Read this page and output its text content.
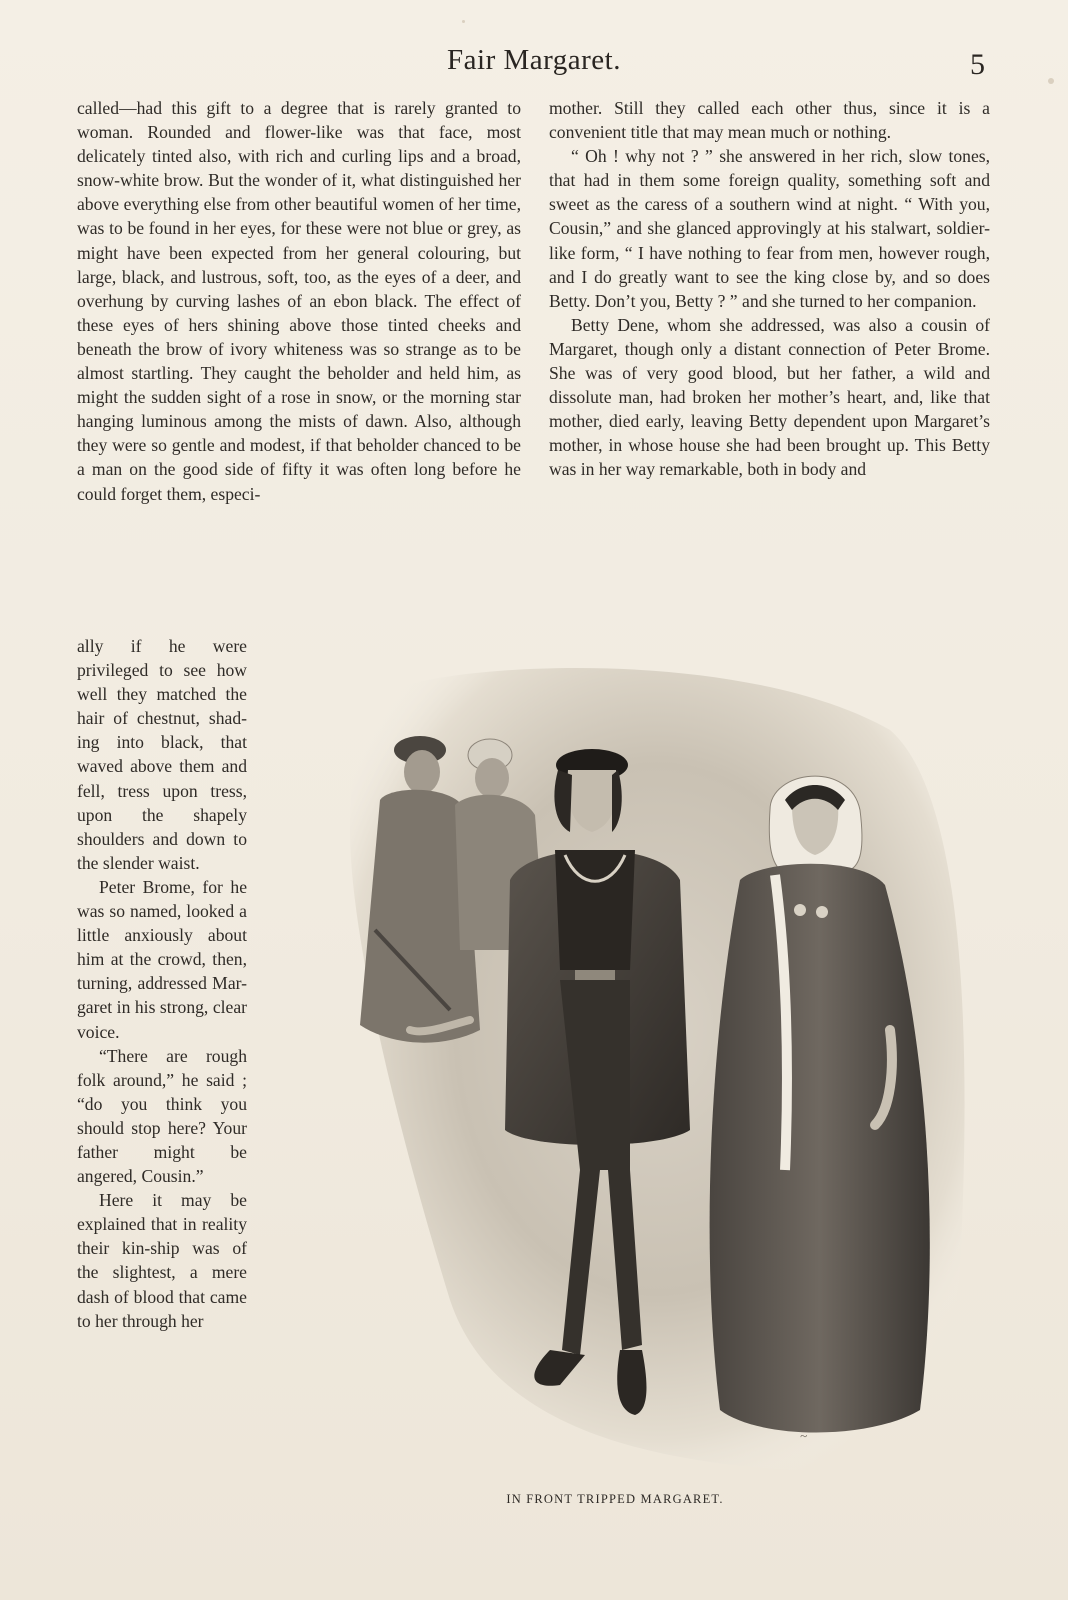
Fair Margaret.	5

called—had this gift to a degree that is rarely granted to woman. Rounded and flower-like was that face, most delicately tinted also, with rich and curling lips and a broad, snow-white brow. But the wonder of it, what distinguished her above everything else from other beautiful women of her time, was to be found in her eyes, for these were not blue or grey, as might have been expected from her general colouring, but large, black, and lustrous, soft, too, as the eyes of a deer, and overhung by curving lashes of an ebon black. The effect of these eyes of hers shining above those tinted cheeks and beneath the brow of ivory whiteness was so strange as to be almost startling. They caught the beholder and held him, as might the sudden sight of a rose in snow, or the morning star hanging luminous among the mists of dawn. Also, although they were so gentle and modest, if that beholder chanced to be a man on the good side of fifty it was often long before he could forget them, especi-

mother. Still they called each other thus, since it is a convenient title that may mean much or nothing.

“ Oh ! why not ? ” she answered in her rich, slow tones, that had in them some foreign quality, something soft and sweet as the caress of a southern wind at night. “ With you, Cousin,” and she glanced approvingly at his stalwart, soldier-like form, “ I have nothing to fear from men, however rough, and I do greatly want to see the king close by, and so does Betty. Don’t you, Betty ? ” and she turned to her companion.

Betty Dene, whom she addressed, was also a cousin of Margaret, though only a distant connection of Peter Brome. She was of very good blood, but her father, a wild and dissolute man, had broken her mother’s heart, and, like that mother, died early, leaving Betty dependent upon Margaret’s mother, in whose house she had been brought up. This Betty was in her way remarkable, both in body and

ally if he were privileged to see how well they matched the hair of chestnut, shad-ing into black, that waved above them and fell, tress upon tress, upon the shapely shoulders and down to the slender waist.

Peter Brome, for he was so named, looked a little anxiously about him at the crowd, then, turning, addressed Mar-garet in his strong, clear voice.

“There are rough folk around,” he said ; “do you think you should stop here? Your father might be angered, Cousin.”

Here it may be explained that in reality their kin-ship was of the slightest, a mere dash of blood that came to her through her

~
IN FRONT TRIPPED MARGARET.
